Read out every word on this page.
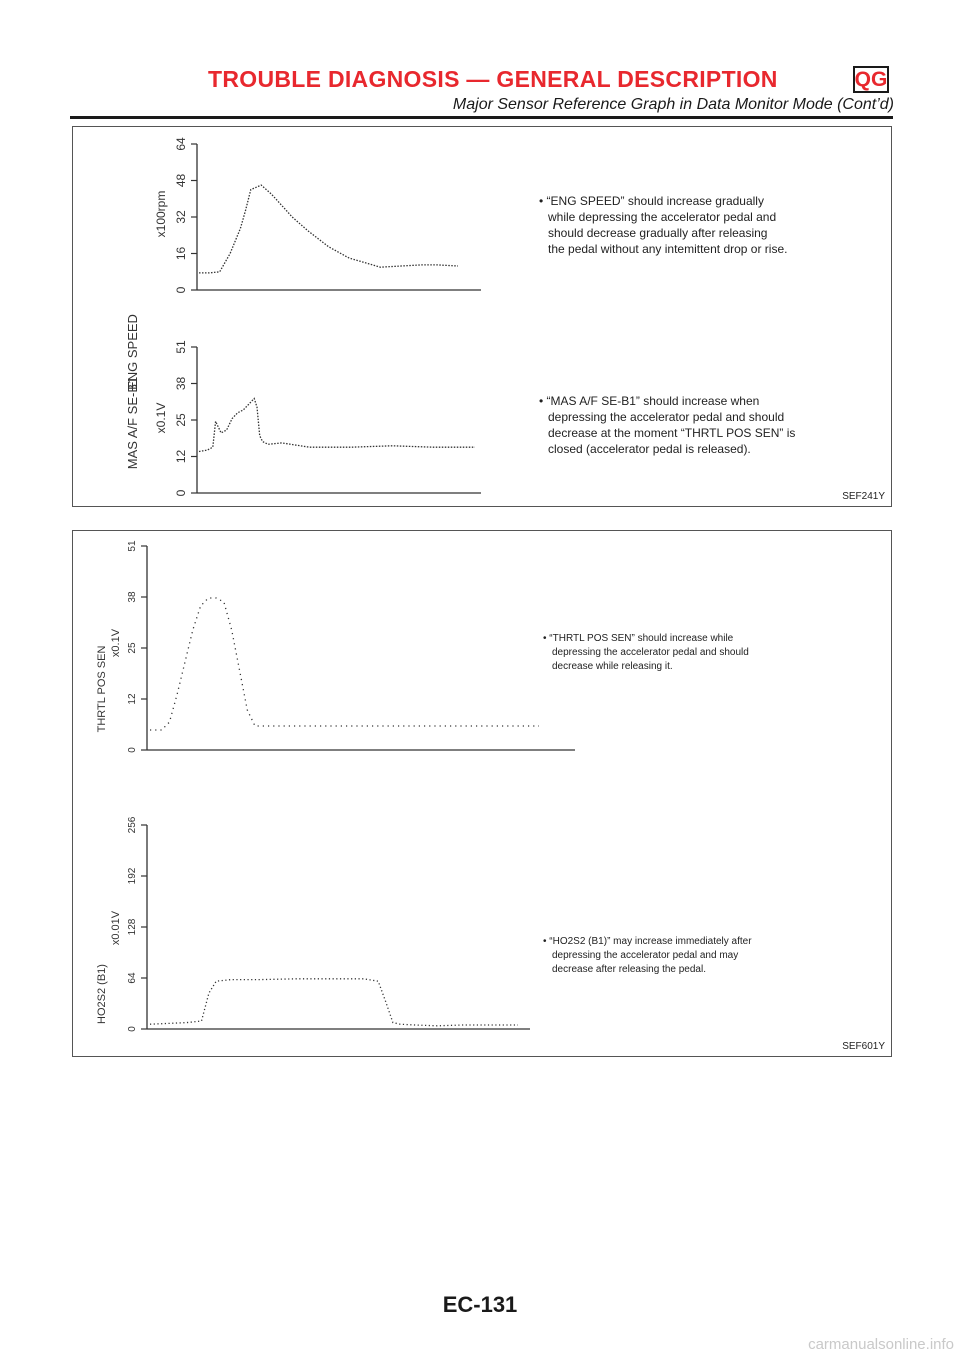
TROUBLE DIAGNOSIS — GENERAL DESCRIPTION	QG
Major Sensor Reference Graph in Data Monitor Mode (Cont’d)
ENG SPEED
x100rpm
0
16
32
48
64
MAS A/F SE-B1 x0.1V
0
12
25
38
51
• “ENG SPEED” should increase gradually
while depressing the accelerator pedal and
should decrease gradually after releasing
the pedal without any intemittent drop or rise.
• “MAS A/F SE-B1” should increase when
depressing the accelerator pedal and should
decrease at the moment “THRTL POS SEN” is
closed (accelerator pedal is released).
SEF241Y
THRTL POS SEN
x0.1V
0
12
25
38
51
HO2S2 (B1)
x0.01V
0
64
128
192
256
• “THRTL POS SEN” should increase while
depressing the accelerator pedal and should
decrease while releasing it.
• “HO2S2 (B1)” may increase immediately after
depressing the accelerator pedal and may
decrease after releasing the pedal.
SEF601Y
EC-131
carmanualsonline.info
